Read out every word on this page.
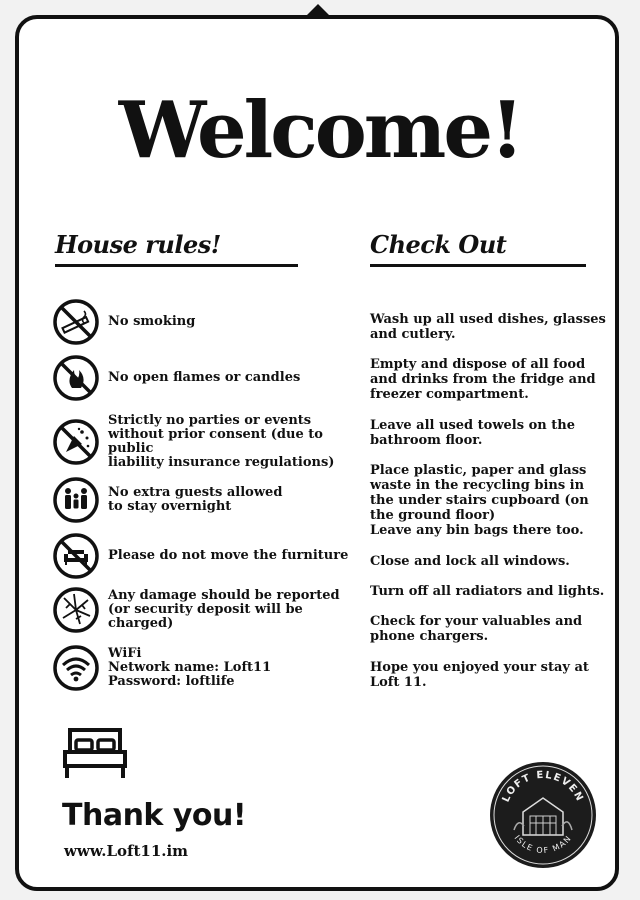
Welcome!
House rules!	Check Out
No smoking
No open flames or candles
Strictly no parties or events
without prior consent (due to public
liability insurance regulations)
No extra guests allowed
to stay overnight
Please do not move the furniture
Any damage should be reported
(or security deposit will be charged)
WiFi
Network name: Loft11
Password: loftlife
Wash up all used dishes, glasses
and cutlery.
Empty and dispose of all food
and drinks from the fridge and
freezer compartment.
Leave all used towels on the
bathroom floor.
Place plastic, paper and glass
waste in the recycling bins in
the under stairs cupboard (on
the ground floor)
Leave any bin bags there too.
Close and lock all windows.
Turn off all radiators and lights.
Check for your valuables and
phone chargers.
Hope you enjoyed your stay at
Loft 11.
Thank you!
www.Loft11.im
LOFT ELEVEN
ISLE OF MAN
